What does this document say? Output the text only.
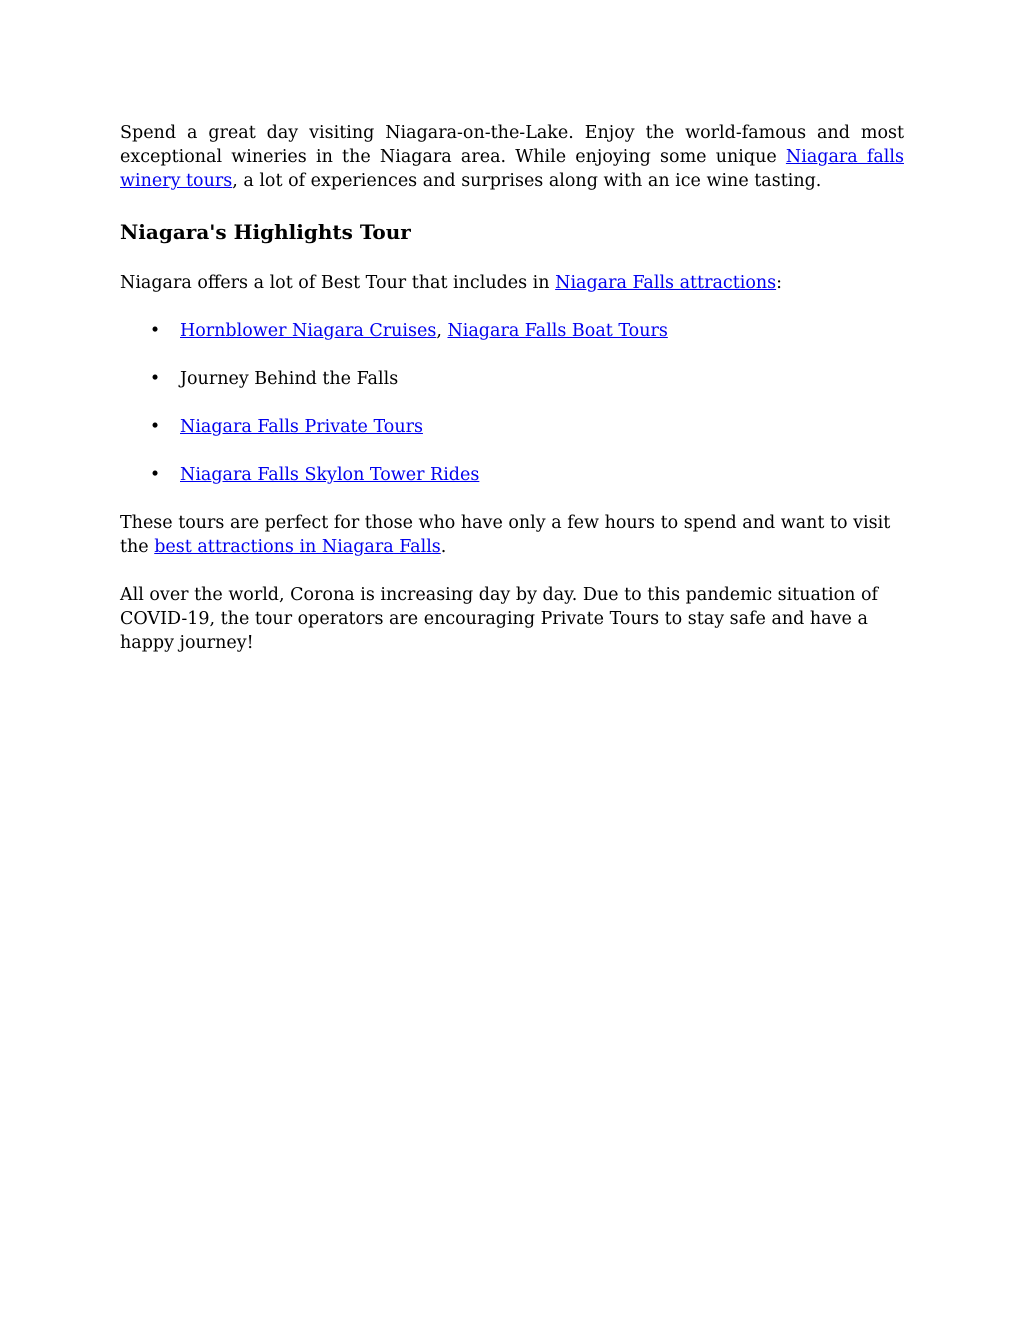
Spend a great day visiting Niagara-on-the-Lake. Enjoy the world-famous and most exceptional wineries in the Niagara area. While enjoying some unique Niagara falls winery tours, a lot of experiences and surprises along with an ice wine tasting.

Niagara's Highlights Tour

Niagara offers a lot of Best Tour that includes in Niagara Falls attractions:

• Hornblower Niagara Cruises, Niagara Falls Boat Tours
• Journey Behind the Falls
• Niagara Falls Private Tours
• Niagara Falls Skylon Tower Rides

These tours are perfect for those who have only a few hours to spend and want to visit the best attractions in Niagara Falls.

All over the world, Corona is increasing day by day. Due to this pandemic situation of COVID-19, the tour operators are encouraging Private Tours to stay safe and have a happy journey!
